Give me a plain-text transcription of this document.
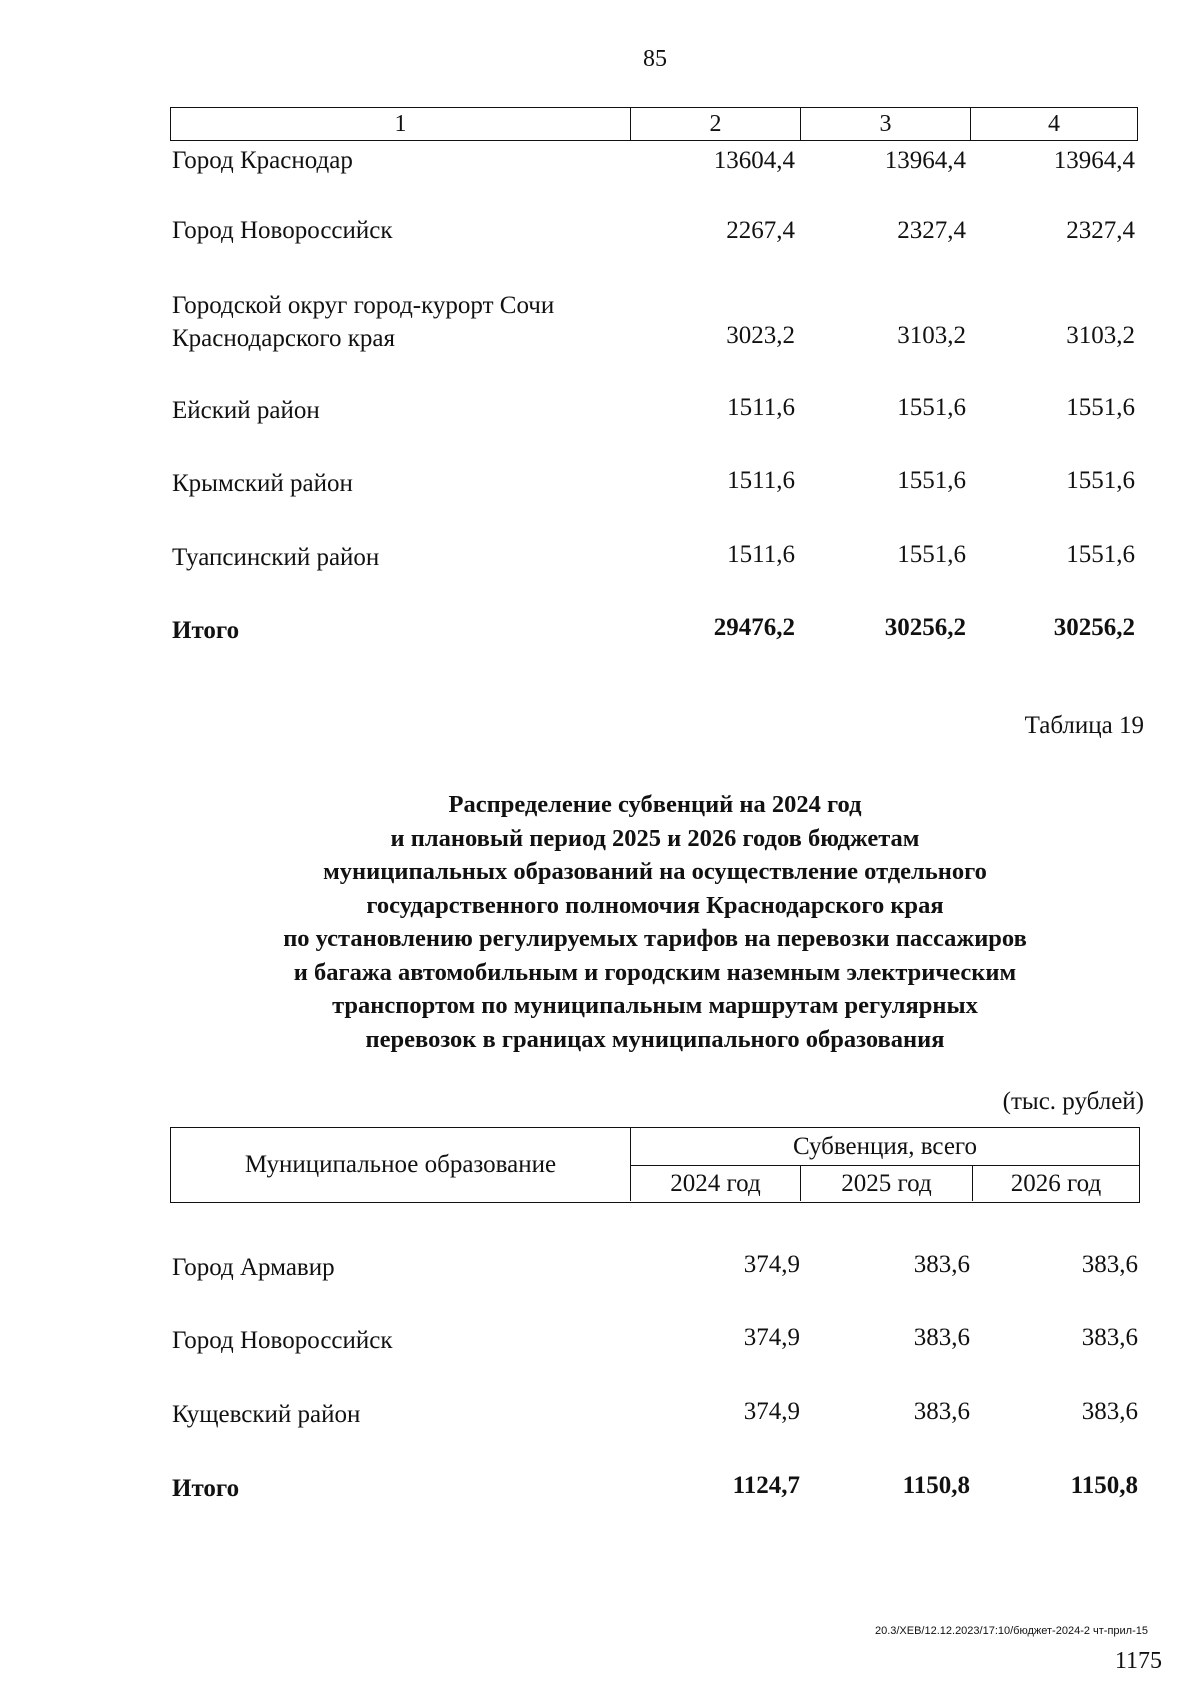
85
1	2	3	4
Город Краснодар	13604,4	13964,4	13964,4
Город Новороссийск	2267,4	2327,4	2327,4
Городской округ город-курорт Сочи
Краснодарского края	3023,2	3103,2	3103,2
Ейский район	1511,6	1551,6	1551,6
Крымский район	1511,6	1551,6	1551,6
Туапсинский район	1511,6	1551,6	1551,6
Итого	29476,2	30256,2	30256,2
Таблица 19
Распределение субвенций на 2024 год
и плановый период 2025 и 2026 годов бюджетам
муниципальных образований на осуществление отдельного
государственного полномочия Краснодарского края
по установлению регулируемых тарифов на перевозки пассажиров
и багажа автомобильным и городским наземным электрическим
транспортом по муниципальным маршрутам регулярных
перевозок в границах муниципального образования
(тыс. рублей)
Муниципальное образование
Субвенция, всего
2024 год	2025 год	2026 год
Город Армавир	374,9	383,6	383,6
Город Новороссийск	374,9	383,6	383,6
Кущевский район	374,9	383,6	383,6
Итого	1124,7	1150,8	1150,8
20.3/ХЕВ/12.12.2023/17:10/бюджет-2024-2 чт-прил-15
1175
